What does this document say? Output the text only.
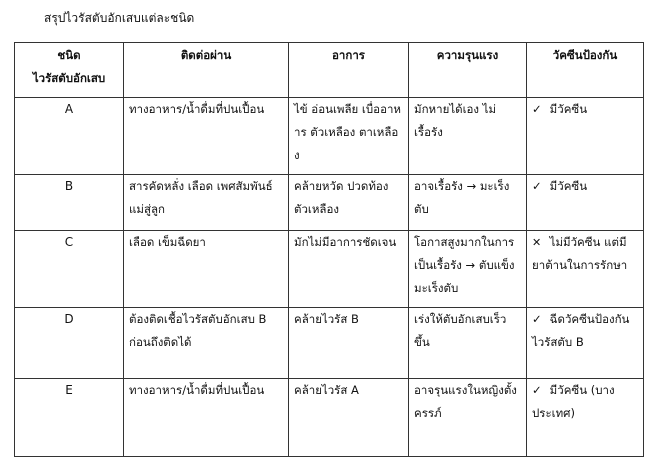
สรุปไวรัสตับอักเสบแต่ละชนิด
ชนิด
ไวรัสตับอักเสบ	ติดต่อผ่าน	อาการ	ความรุนแรง	วัคซีนป้องกัน
A	ทางอาหาร/น้ำดื่มที่ปนเปื้อน	ไข้ อ่อนเพลีย เบื่ออาหาร ตัวเหลือง ตาเหลือง	มักหายได้เอง ไม่เรื้อรัง	✓ มีวัคซีน
B	สารคัดหลั่ง เลือด เพศสัมพันธ์ แม่สู่ลูก	คล้ายหวัด ปวดท้อง ตัวเหลือง	อาจเรื้อรัง → มะเร็งตับ	✓ มีวัคซีน
C	เลือด เข็มฉีดยา	มักไม่มีอาการชัดเจน	โอกาสสูงมากในการเป็นเรื้อรัง → ตับแข็ง มะเร็งตับ	✕ ไม่มีวัคซีน แต่มียาต้านในการรักษา
D	ต้องติดเชื้อไวรัสตับอักเสบ B ก่อนถึงติดได้	คล้ายไวรัส B	เร่งให้ตับอักเสบเร็วขึ้น	✓ ฉีดวัคซีนป้องกันไวรัสตับ B
E	ทางอาหาร/น้ำดื่มที่ปนเปื้อน	คล้ายไวรัส A	อาจรุนแรงในหญิงตั้งครรภ์	✓ มีวัคซีน (บางประเทศ)
